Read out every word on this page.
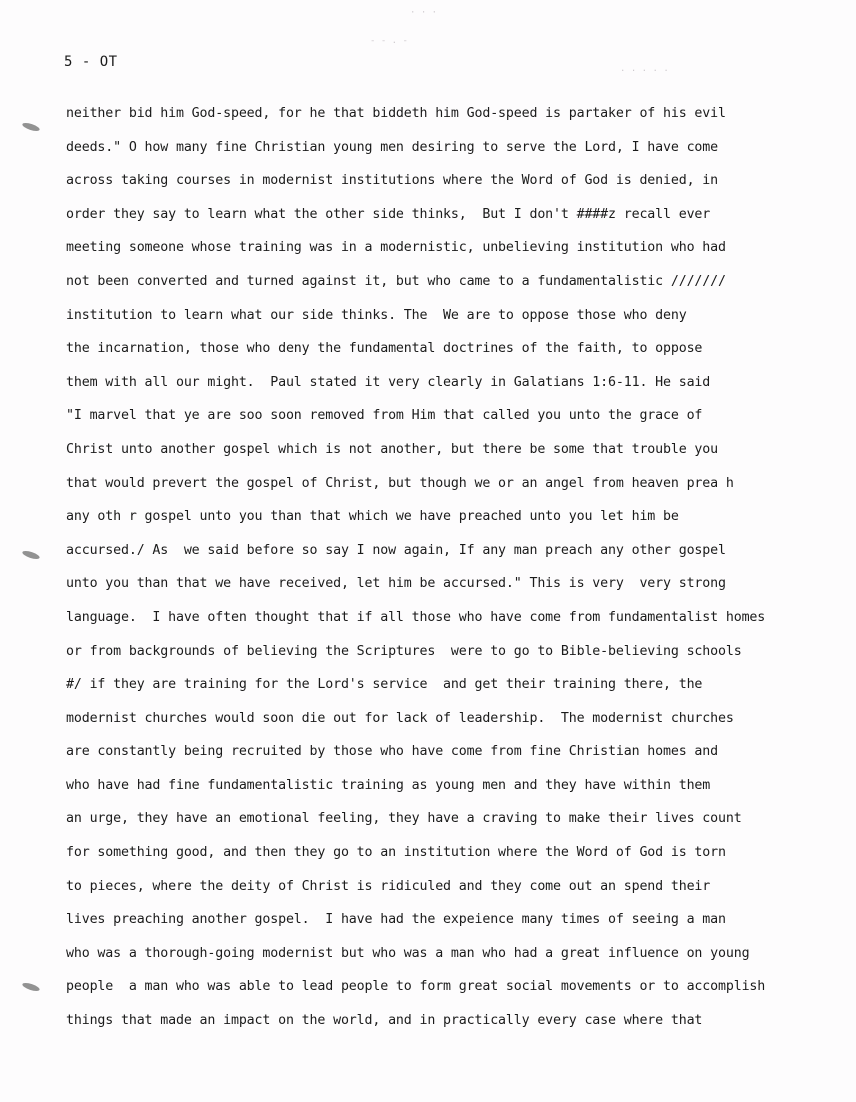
· · ·
- - . -
. . . . .
5 - OT
neither bid him God-speed, for he that biddeth him God-speed is partaker of his evil
deeds." O how many fine Christian young men desiring to serve the Lord, I have come
across taking courses in modernist institutions where the Word of God is denied, in
order they say to learn what the other side thinks,  But I don't ####z recall ever
meeting someone whose training was in a modernistic, unbelieving institution who had
not been converted and turned against it, but who came to a fundamentalistic ///////
institution to learn what our side thinks. The  We are to oppose those who deny
the incarnation, those who deny the fundamental doctrines of the faith, to oppose
them with all our might.  Paul stated it very clearly in Galatians 1:6-11. He said
"I marvel that ye are soo soon removed from Him that called you unto the grace of
Christ unto another gospel which is not another, but there be some that trouble you
that would prevert the gospel of Christ, but though we or an angel from heaven prea h
any oth r gospel unto you than that which we have preached unto you let him be
accursed./ As  we said before so say I now again, If any man preach any other gospel
unto you than that we have received, let him be accursed." This is very  very strong
language.  I have often thought that if all those who have come from fundamentalist homes
or from backgrounds of believing the Scriptures  were to go to Bible-believing schools
#/ if they are training for the Lord's service  and get their training there, the
modernist churches would soon die out for lack of leadership.  The modernist churches
are constantly being recruited by those who have come from fine Christian homes and
who have had fine fundamentalistic training as young men and they have within them
an urge, they have an emotional feeling, they have a craving to make their lives count
for something good, and then they go to an institution where the Word of God is torn
to pieces, where the deity of Christ is ridiculed and they come out an spend their
lives preaching another gospel.  I have had the expeience many times of seeing a man
who was a thorough-going modernist but who was a man who had a great influence on young
people  a man who was able to lead people to form great social movements or to accomplish
things that made an impact on the world, and in practically every case where that
